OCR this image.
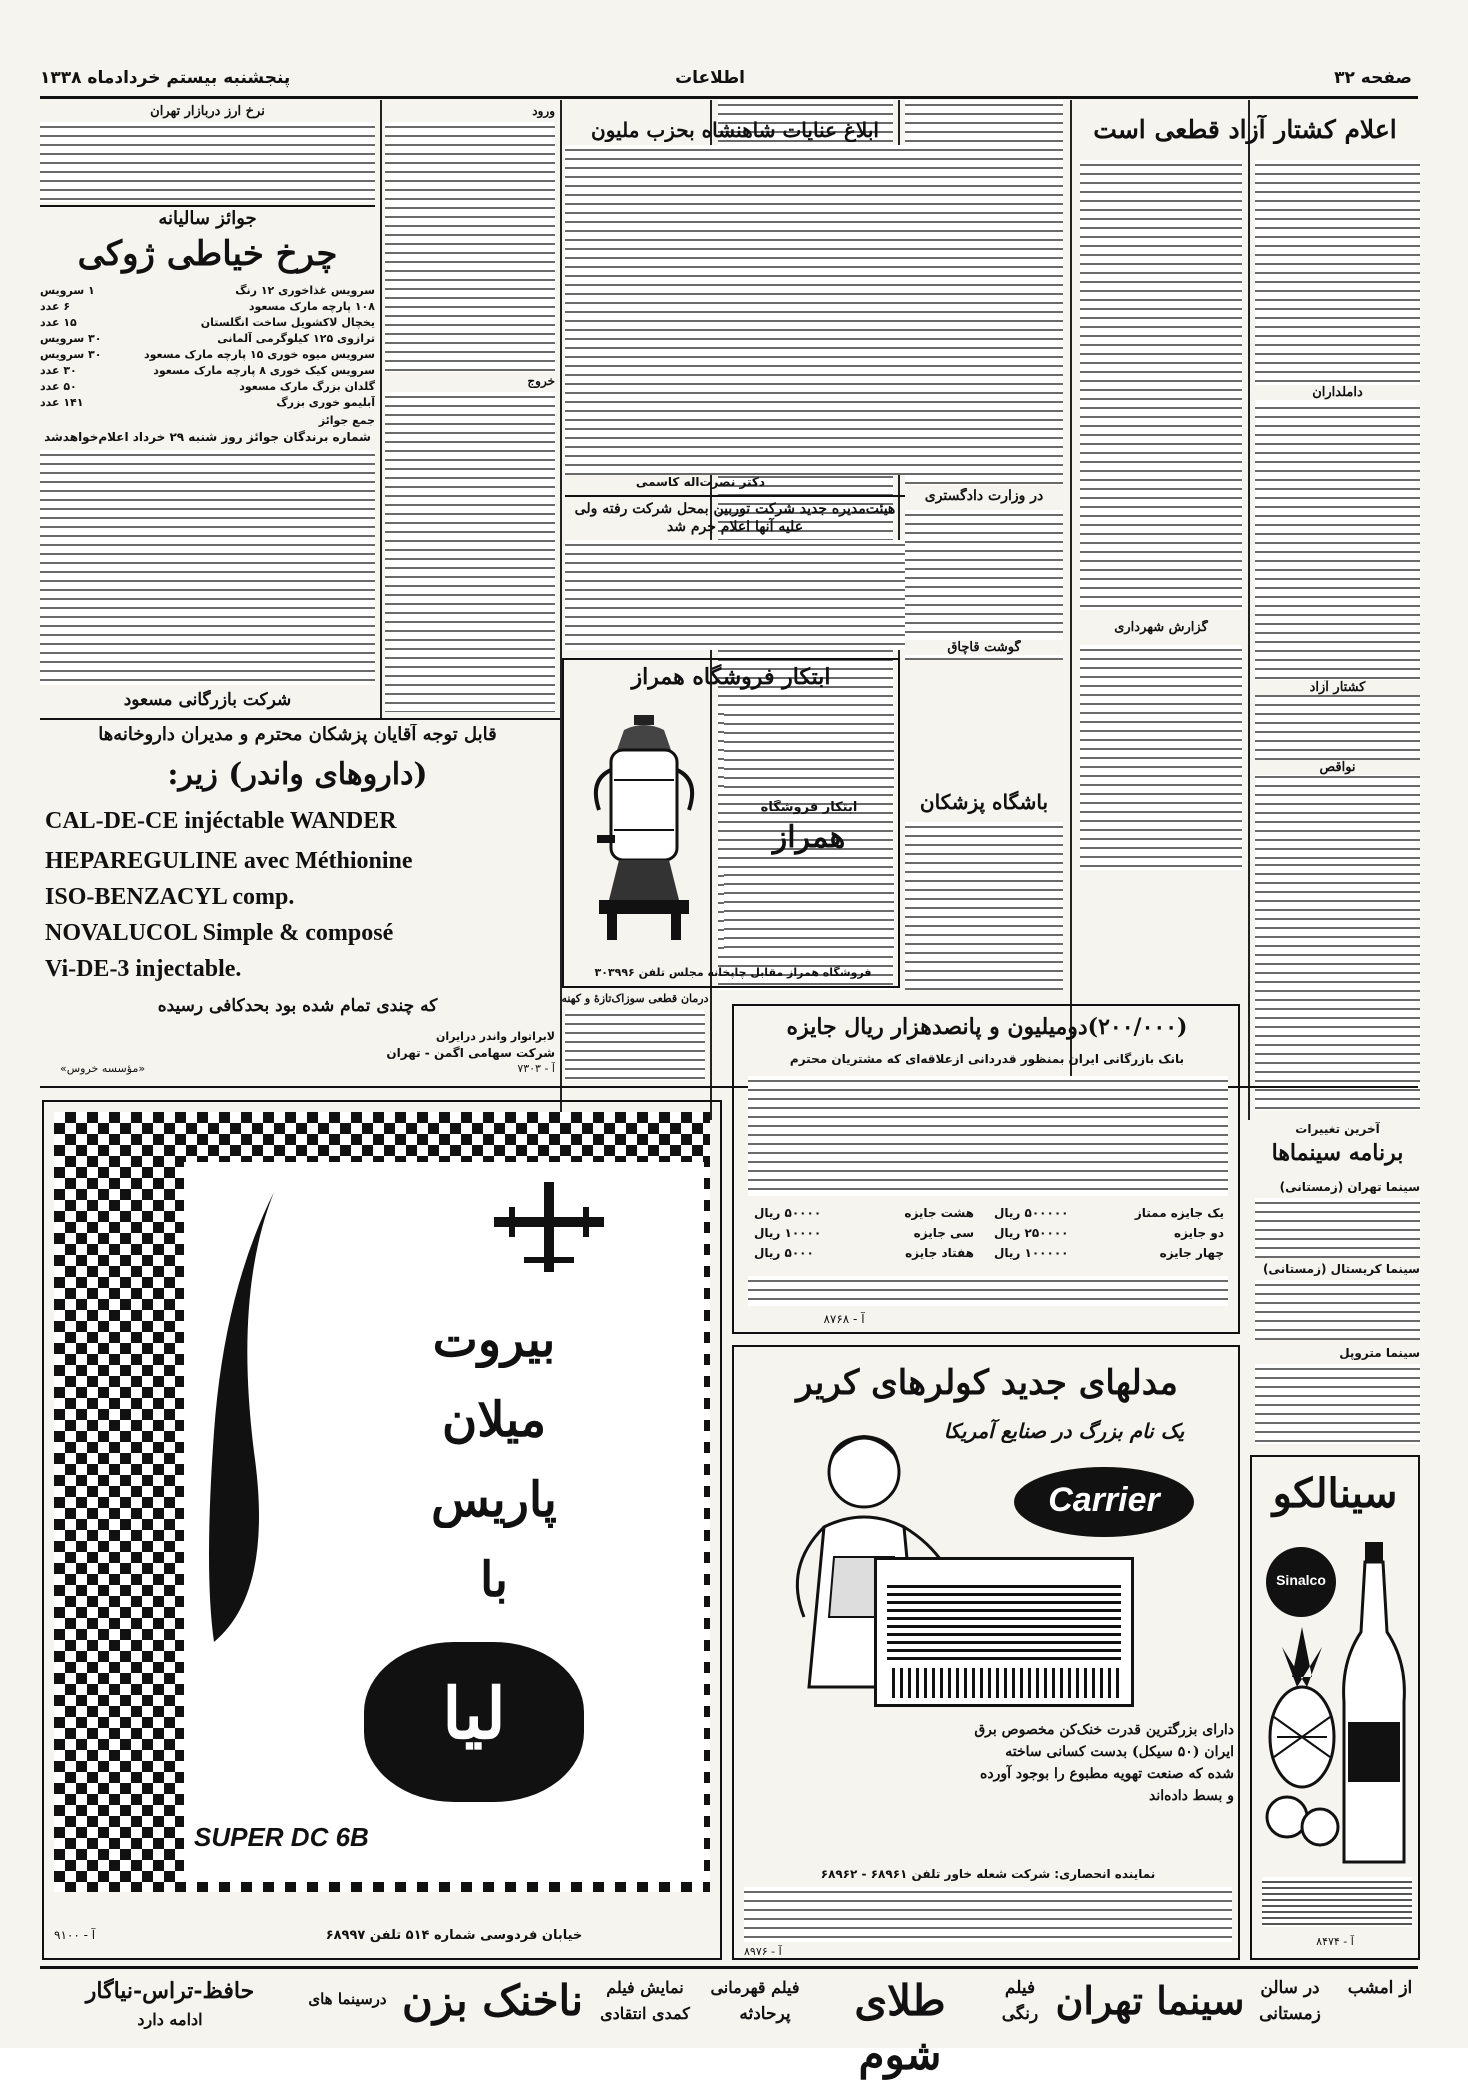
صفحه ۳۲
اطلاعات
پنجشنبه بیستم خردادماه ۱۳۳۸
اعلام کشتار آزاد قطعی است
داملداران
کشتار آزاد
نواقص
گزارش شهرداری
در وزارت دادگستری
گوشت قاچاق
باشگاه پزشکان
درمان قطعی سوزاک‌تازهٔ و کهنه
ابلاغ عنایات شاهنشاه بحزب ملیون
دکتر نصرت‌اله کاسمی
هیئت‌مدیره جدید شرکت توربین بمحل شرکت رفته ولی علیه آنها اعلام جرم شد
ابتکار فروشگاه همراز
ابتکار فروشگاه
همراز
فروشگاه همراز مقابل چاپخانه مجلس تلفن ۳۰۳۹۹۶
ورود
خروج
نرخ ارز دربازار تهران
جوائز سالیانه
چرخ خیاطی ژوکی
سرویس غذاخوری ۱۲ رنگ
۱ سرویس
۱۰۸ پارچه مارک مسعود
۶ عدد
یخچال لاکشویل ساخت انگلستان
۱۵ عدد
ترازوی ۱۲۵ کیلوگرمی آلمانی
۳۰ سرویس
سرویس میوه خوری ۱۵ پارچه مارک مسعود
۳۰ سرویس
سرویس کیک خوری ۸ پارچه مارک مسعود
۳۰ عدد
گلدان بزرگ مارک مسعود
۵۰ عدد
آبلیمو خوری بزرگ
۱۴۱ عدد
جمع جوائز
شماره برندگان جوائز روز شنبه ۲۹ خرداد اعلام‌خواهدشد
شرکت بازرگانی مسعود
قابل توجه آقایان پزشکان محترم و مدیران داروخانه‌ها
(داروهای واندر) زیر:
CAL-DE-CE injéctable WANDER
HEPAREGULINE avec Méthionine
ISO-BENZACYL comp.
NOVALUCOL Simple & composé
Vi-DE-3 injectable.
که چندی تمام شده بود بحدکافی رسیده
لابراتوار واندر درایران
شرکت سهامی اگمن - تهران
آ - ۷۳۰۳
«مؤسسه خروس»
بیروت
میلان
پاریس
با
لیا
SUPER DC 6B
خیابان فردوسی شماره ۵۱۴ تلفن ۶۸۹۹۷
آ - ۹۱۰۰
(۲۰۰/۰۰۰)دومیلیون و پانصدهزار ریال جایزه
بانک بازرگانی ایران بمنظور قدردانی ازعلاقه‌ای که مشتریان محترم
یک جایزه ممتاز
۵۰۰۰۰۰ ریال
دو جایزه
۲۵۰۰۰۰ ریال
چهار جایزه
۱۰۰۰۰۰ ریال
هشت جایزه
۵۰۰۰۰ ریال
سی جایزه
۱۰۰۰۰ ریال
هفتاد جایزه
۵۰۰۰ ریال
آ - ۸۷۶۸
آخرین تغییرات
برنامه سینماها
سینما تهران (زمستانی)
سینما کریستال (زمستانی)
سینما متروپل
مدلهای جدید کولرهای کریر
یک نام بزرگ در صنایع آمریکا
Carrier
دارای بزرگترین قدرت خنک‌کن مخصوص برق ایران (۵۰ سیکل) بدست کسانی ساخته شده که صنعت تهویه مطبوع را بوجود آورده و بسط داده‌اند
نماینده انحصاری: شرکت شعله خاور تلفن ۶۸۹۶۱ - ۶۸۹۶۲
آ - ۸۹۷۶
سینالکو
Sinalco
آ - ۸۴۷۴
از امشب
زمستانی
در سالن
سینما تهران
فیلم
رنگی
طلای شوم
پرحادثه
فیلم قهرمانی
نمایش فیلم
کمدی انتقادی
ناخنک بزن
درسینما های
حافظ-تراس-نیاگار
ادامه دارد
